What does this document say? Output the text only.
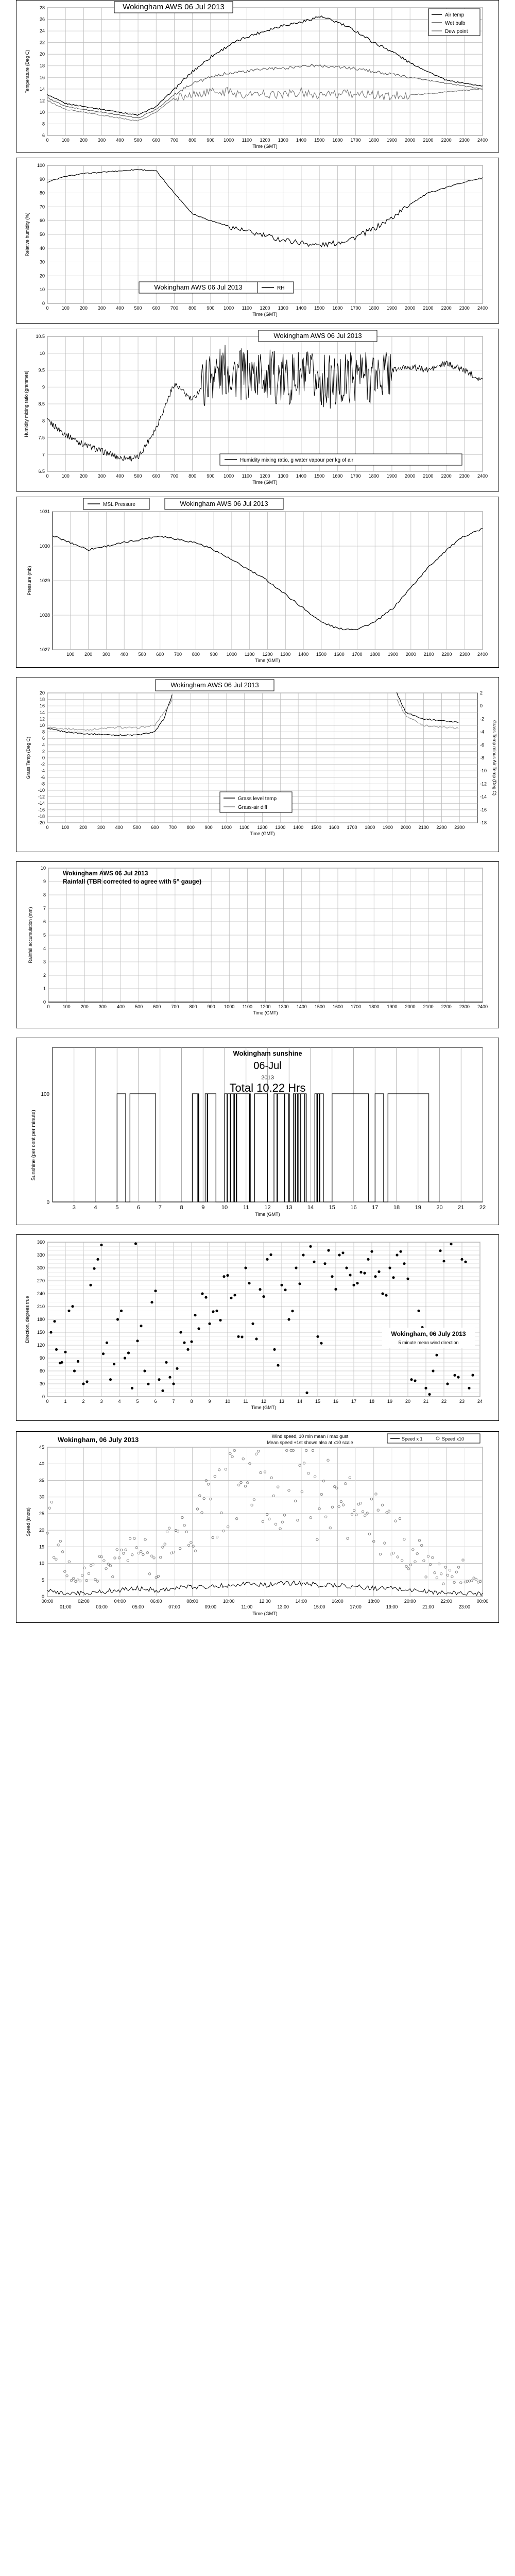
6
8
10
12
14
16
18
20
22
24
26
28
0	100 200 300 400 500 600 700 800 900 1000 1100 1200 1300 1400 1500 1600 1700 1800 1900 2000 2100 2200 2300 2400
Time (GMT)
Temperature (Deg C)
Wokingham AWS 06 Jul 2013
Air temp
Wet bulb
Dew point
0
10
20
30
40
50
60
70
80
90
100
0	100 200 300 400 500 600 700 800 900 1000 1100 1200 1300 1400 1500 1600 1700 1800 1900 2000 2100 2200 2300 2400
Time (GMT)
Relative humidity (%)
Wokingham AWS 06 Jul 2013	RH
6.5
7
7.5
8
8.5
9
9.5
10
10.5
0	100 200 300 400 500 600 700 800 900 1000 1100 1200 1300 1400 1500 1600 1700 1800 1900 2000 2100 2200 2300 2400
Time (GMT)
Humidity mixing ratio (grammes)
Wokingham AWS 06 Jul 2013
Humidity mixing ratio, g water vapour per kg of air
1027
1028
1029
1030
1031
100 200 300 400 500 600 700 800 900 1000 1100 1200 1300 1400 1500 1600 1700 1800 1900 2000 2100 2200 2300 2400
Time (GMT)
Pressure (mb)
MSL Pressure	Wokingham AWS 06 Jul 2013
-20
-18
-16
-14
-12
-10
-8
-6
-4
-2
0
2
4
6
8
10
12
14
16
18
20
0	100 200 300 400 500 600 700 800 900 1000 1100 1200 1300 1400 1500 1600 1700 1800 1900 2000 2100 2200 2300
Time (GMT)
Grass Temp (Deg C)
Wokingham AWS 06 Jul 2013
-18
-16
-14
-12
-10
-8
-6
-4
-2
0
2
Grass Temp minus Air Temp (Deg C)
Grass level temp
Grass-air diff
0
1
2
3
4
5
6
7
8
9
10
0	100 200 300 400 500 600 700 800 900 1000 1100 1200 1300 1400 1500 1600 1700 1800 1900 2000 2100 2200 2300 2400
Time (GMT)
Rainfall accumulation (mm)
Wokingham AWS 06 Jul 2013
Rainfall (TBR corrected to agree with 5" gauge)
3	4	5	6	7	8	9	10	11	12	13	14	15	16	17	18	19	20	21	22
0
100
Time (GMT)
Sunshine (per cent per minute)
Wokingham sunshine
06-Jul
2013
Total 10.22 Hrs
0
30
60
90
120
150
180
210
240
270
300
330
360
0	1	2	3	4	5	6	7	8	9	10	11	12	13	14	15	16	17	18	19	20	21	22	23	24
Time (GMT)
Direction, degrees true	Wokingham, 06 July 2013
5 minute mean wind direction
0
5
10
15
20
25
30
35
40
45
00:00	02:00	04:00	06:00	08:00	10:00	12:00	14:00	16:00	18:00	20:00	22:00	00:00
01:00	03:00	05:00	07:00	09:00	11:00	13:00	15:00	17:00	19:00	21:00	23:00
Time (GMT)
Speed (knots)
Wokingham, 06 July 2013	Wind speed, 10 min mean / max gust
Mean speed +1st shown also at x10 scale
Speed x 1	Speed x10
